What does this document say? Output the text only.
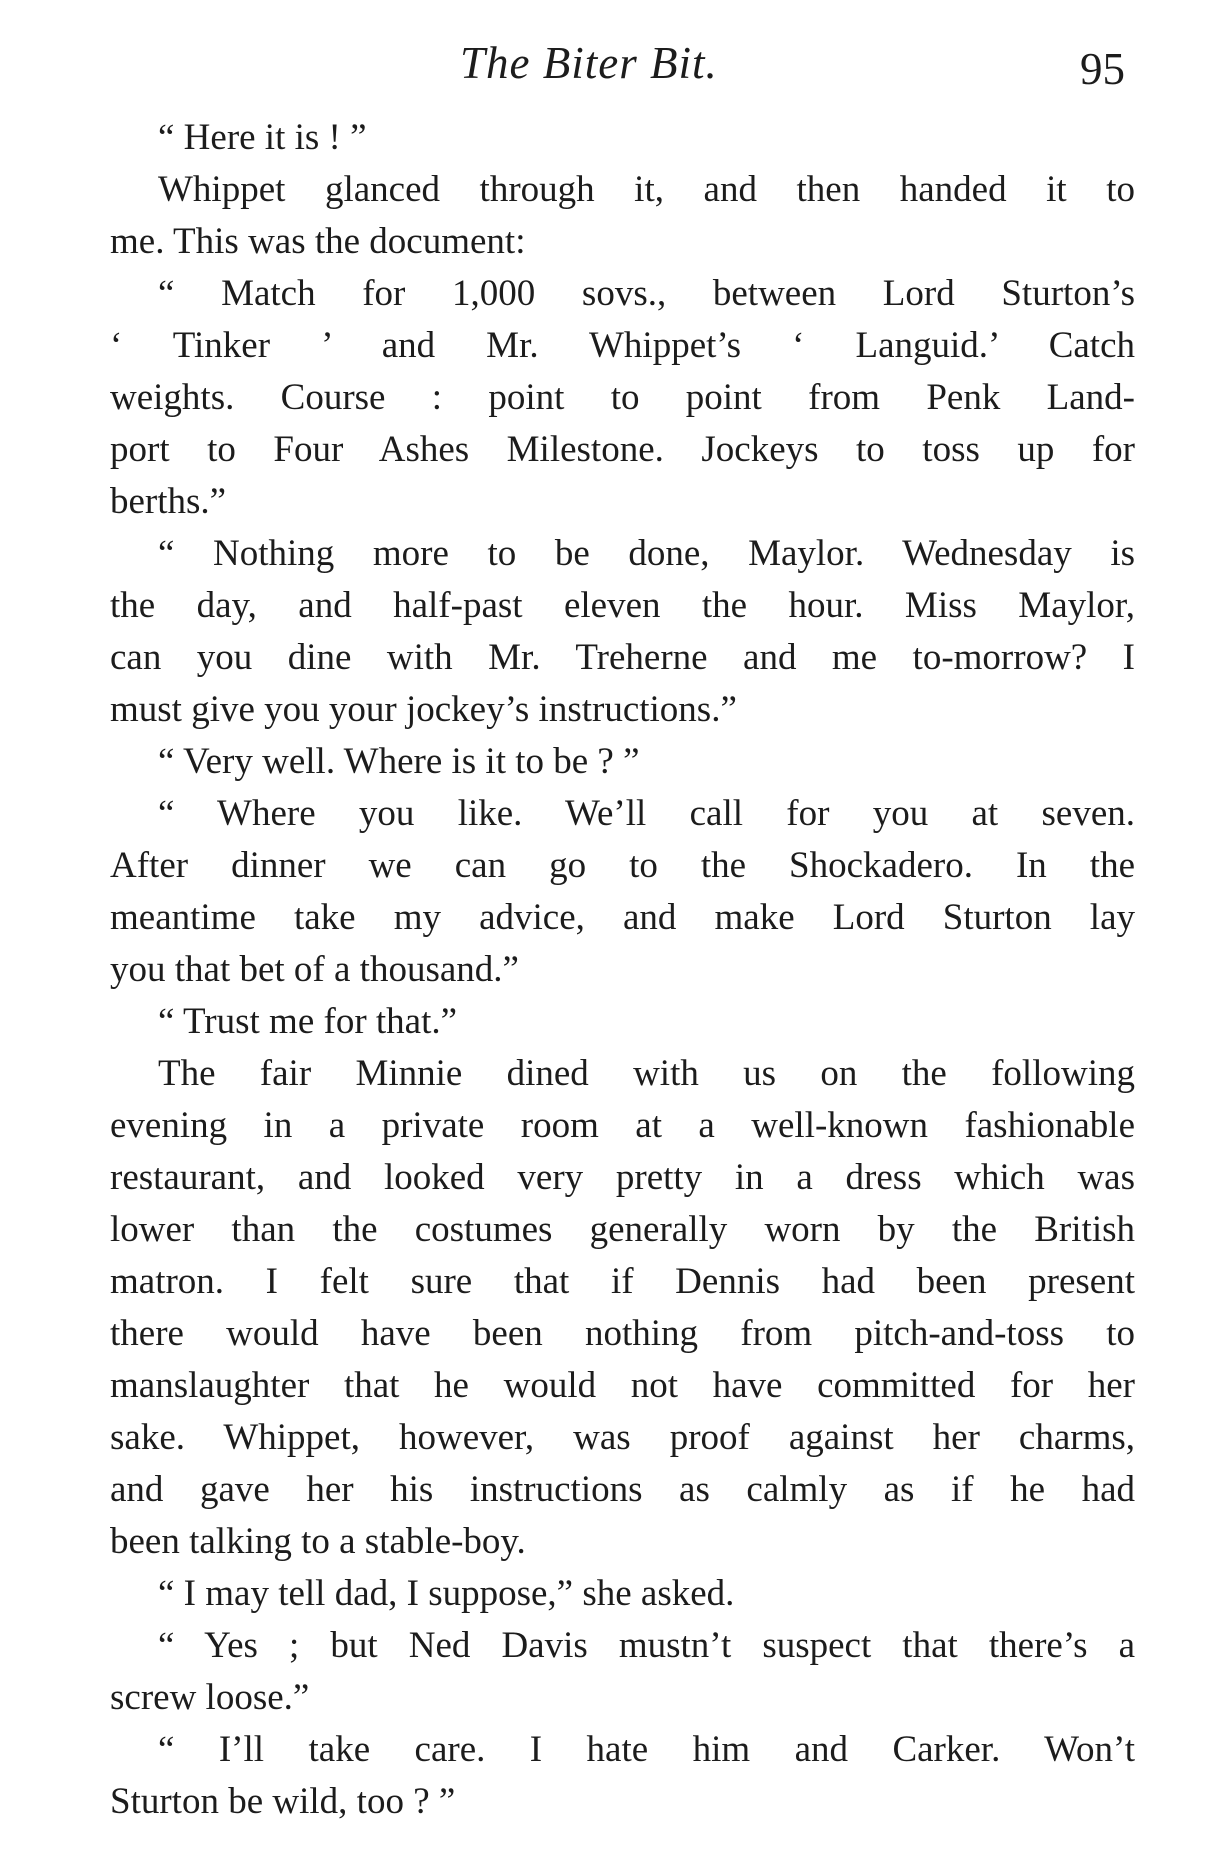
The Biter Bit.	95
“ Here it is ! ”
Whippet glanced through it, and then handed it to
me. This was the document:
“ Match for 1,000 sovs., between Lord Sturton’s
‘ Tinker ’ and Mr. Whippet’s ‘ Languid.’ Catch
weights. Course : point to point from Penk Land-
port to Four Ashes Milestone. Jockeys to toss up for
berths.”
“ Nothing more to be done, Maylor. Wednesday is
the day, and half-past eleven the hour. Miss Maylor,
can you dine with Mr. Treherne and me to-morrow? I
must give you your jockey’s instructions.”
“ Very well. Where is it to be ? ”
“ Where you like. We’ll call for you at seven.
After dinner we can go to the Shockadero. In the
meantime take my advice, and make Lord Sturton lay
you that bet of a thousand.”
“ Trust me for that.”
The fair Minnie dined with us on the following
evening in a private room at a well-known fashionable
restaurant, and looked very pretty in a dress which was
lower than the costumes generally worn by the British
matron. I felt sure that if Dennis had been present
there would have been nothing from pitch-and-toss to
manslaughter that he would not have committed for her
sake. Whippet, however, was proof against her charms,
and gave her his instructions as calmly as if he had
been talking to a stable-boy.
“ I may tell dad, I suppose,” she asked.
“ Yes ; but Ned Davis mustn’t suspect that there’s a
screw loose.”
“ I’ll take care. I hate him and Carker. Won’t
Sturton be wild, too ? ”
